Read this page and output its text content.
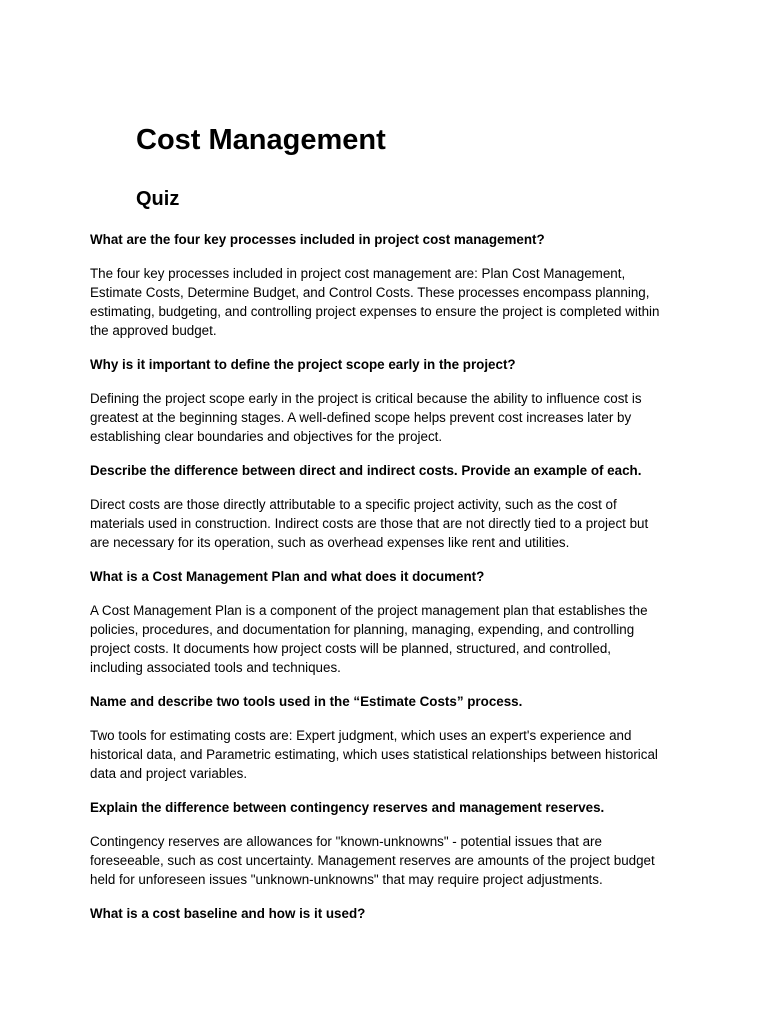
Cost Management
Quiz

What are the four key processes included in project cost management?

The four key processes included in project cost management are: Plan Cost Management,
Estimate Costs, Determine Budget, and Control Costs. These processes encompass planning,
estimating, budgeting, and controlling project expenses to ensure the project is completed within
the approved budget.

Why is it important to define the project scope early in the project?

Defining the project scope early in the project is critical because the ability to influence cost is
greatest at the beginning stages. A well-defined scope helps prevent cost increases later by
establishing clear boundaries and objectives for the project.

Describe the difference between direct and indirect costs. Provide an example of each.

Direct costs are those directly attributable to a specific project activity, such as the cost of
materials used in construction. Indirect costs are those that are not directly tied to a project but
are necessary for its operation, such as overhead expenses like rent and utilities.

What is a Cost Management Plan and what does it document?

A Cost Management Plan is a component of the project management plan that establishes the
policies, procedures, and documentation for planning, managing, expending, and controlling
project costs. It documents how project costs will be planned, structured, and controlled,
including associated tools and techniques.

Name and describe two tools used in the “Estimate Costs” process.

Two tools for estimating costs are: Expert judgment, which uses an expert's experience and
historical data, and Parametric estimating, which uses statistical relationships between historical
data and project variables.

Explain the difference between contingency reserves and management reserves.

Contingency reserves are allowances for "known-unknowns" - potential issues that are
foreseeable, such as cost uncertainty. Management reserves are amounts of the project budget
held for unforeseen issues "unknown-unknowns" that may require project adjustments.

What is a cost baseline and how is it used?
